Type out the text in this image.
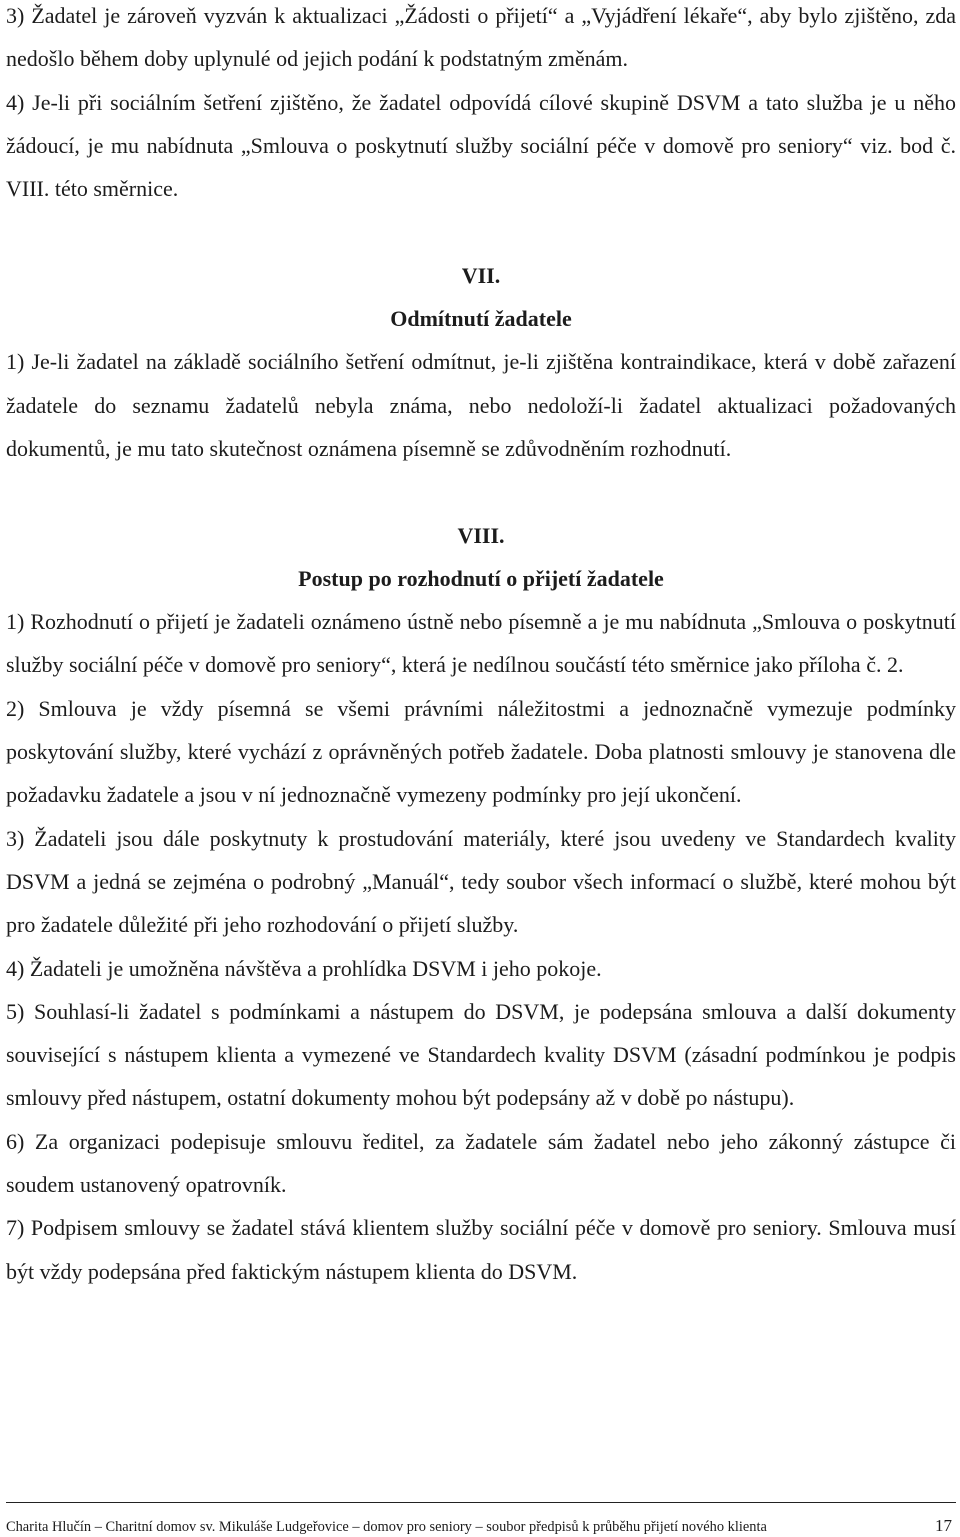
3) Žadatel je zároveň vyzván k aktualizaci „Žádosti o přijetí“ a „Vyjádření lékaře“, aby bylo zjištěno, zda nedošlo během doby uplynulé od jejich podání k podstatným změnám.

4) Je-li při sociálním šetření zjištěno, že žadatel odpovídá cílové skupině DSVM a tato služba je u něho žádoucí, je mu nabídnuta „Smlouva o poskytnutí služby sociální péče v domově pro seniory“ viz. bod č. VIII. této směrnice.

VII.
Odmítnutí žadatele

1) Je-li žadatel na základě sociálního šetření odmítnut, je-li zjištěna kontraindikace, která v době zařazení žadatele do seznamu žadatelů nebyla známa, nebo nedoloží-li žadatel aktualizaci požadovaných dokumentů, je mu tato skutečnost oznámena písemně se zdůvodněním rozhodnutí.

VIII.
Postup po rozhodnutí o přijetí žadatele

1) Rozhodnutí o přijetí je žadateli oznámeno ústně nebo písemně a je mu nabídnuta „Smlouva o poskytnutí služby sociální péče v domově pro seniory“, která je nedílnou součástí této směrnice jako příloha č. 2.

2) Smlouva je vždy písemná se všemi právními náležitostmi a jednoznačně vymezuje podmínky poskytování služby, které vychází z oprávněných potřeb žadatele. Doba platnosti smlouvy je stanovena dle požadavku žadatele a jsou v ní jednoznačně vymezeny podmínky pro její ukončení.

3) Žadateli jsou dále poskytnuty k prostudování materiály, které jsou uvedeny ve Standardech kvality DSVM a jedná se zejména o podrobný „Manuál“, tedy soubor všech informací o službě, které mohou být pro žadatele důležité při jeho rozhodování o přijetí služby.

4) Žadateli je umožněna návštěva a prohlídka DSVM i jeho pokoje.

5) Souhlasí-li žadatel s podmínkami a nástupem do DSVM, je podepsána smlouva a další dokumenty související s nástupem klienta a vymezené ve Standardech kvality DSVM (zásadní podmínkou je podpis smlouvy před nástupem, ostatní dokumenty mohou být podepsány až v době po nástupu).

6) Za organizaci podepisuje smlouvu ředitel, za žadatele sám žadatel nebo jeho zákonný zástupce či soudem ustanovený opatrovník.

7) Podpisem smlouvy se žadatel stává klientem služby sociální péče v domově pro seniory. Smlouva musí být vždy podepsána před faktickým nástupem klienta do DSVM.

Charita Hlučín – Charitní domov sv. Mikuláše Ludgeřovice – domov pro seniory – soubor předpisů k průběhu přijetí nového klienta	17
